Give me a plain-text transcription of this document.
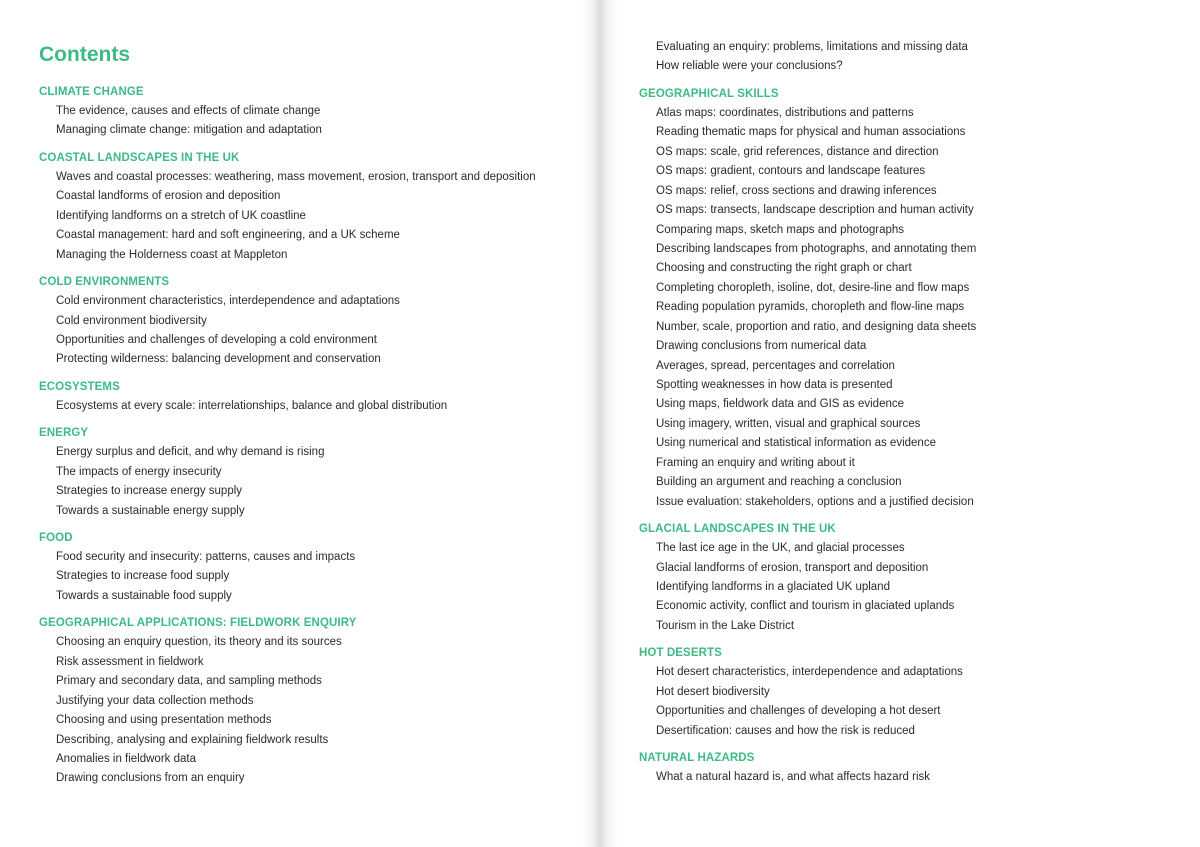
Contents
CLIMATE CHANGE
The evidence, causes and effects of climate change
Managing climate change: mitigation and adaptation
COASTAL LANDSCAPES IN THE UK
Waves and coastal processes: weathering, mass movement, erosion, transport and deposition
Coastal landforms of erosion and deposition
Identifying landforms on a stretch of UK coastline
Coastal management: hard and soft engineering, and a UK scheme
Managing the Holderness coast at Mappleton
COLD ENVIRONMENTS
Cold environment characteristics, interdependence and adaptations
Cold environment biodiversity
Opportunities and challenges of developing a cold environment
Protecting wilderness: balancing development and conservation
ECOSYSTEMS
Ecosystems at every scale: interrelationships, balance and global distribution
ENERGY
Energy surplus and deficit, and why demand is rising
The impacts of energy insecurity
Strategies to increase energy supply
Towards a sustainable energy supply
FOOD
Food security and insecurity: patterns, causes and impacts
Strategies to increase food supply
Towards a sustainable food supply
GEOGRAPHICAL APPLICATIONS: FIELDWORK ENQUIRY
Choosing an enquiry question, its theory and its sources
Risk assessment in fieldwork
Primary and secondary data, and sampling methods
Justifying your data collection methods
Choosing and using presentation methods
Describing, analysing and explaining fieldwork results
Anomalies in fieldwork data
Drawing conclusions from an enquiry
Evaluating an enquiry: problems, limitations and missing data
How reliable were your conclusions?
GEOGRAPHICAL SKILLS
Atlas maps: coordinates, distributions and patterns
Reading thematic maps for physical and human associations
OS maps: scale, grid references, distance and direction
OS maps: gradient, contours and landscape features
OS maps: relief, cross sections and drawing inferences
OS maps: transects, landscape description and human activity
Comparing maps, sketch maps and photographs
Describing landscapes from photographs, and annotating them
Choosing and constructing the right graph or chart
Completing choropleth, isoline, dot, desire-line and flow maps
Reading population pyramids, choropleth and flow-line maps
Number, scale, proportion and ratio, and designing data sheets
Drawing conclusions from numerical data
Averages, spread, percentages and correlation
Spotting weaknesses in how data is presented
Using maps, fieldwork data and GIS as evidence
Using imagery, written, visual and graphical sources
Using numerical and statistical information as evidence
Framing an enquiry and writing about it
Building an argument and reaching a conclusion
Issue evaluation: stakeholders, options and a justified decision
GLACIAL LANDSCAPES IN THE UK
The last ice age in the UK, and glacial processes
Glacial landforms of erosion, transport and deposition
Identifying landforms in a glaciated UK upland
Economic activity, conflict and tourism in glaciated uplands
Tourism in the Lake District
HOT DESERTS
Hot desert characteristics, interdependence and adaptations
Hot desert biodiversity
Opportunities and challenges of developing a hot desert
Desertification: causes and how the risk is reduced
NATURAL HAZARDS
What a natural hazard is, and what affects hazard risk
